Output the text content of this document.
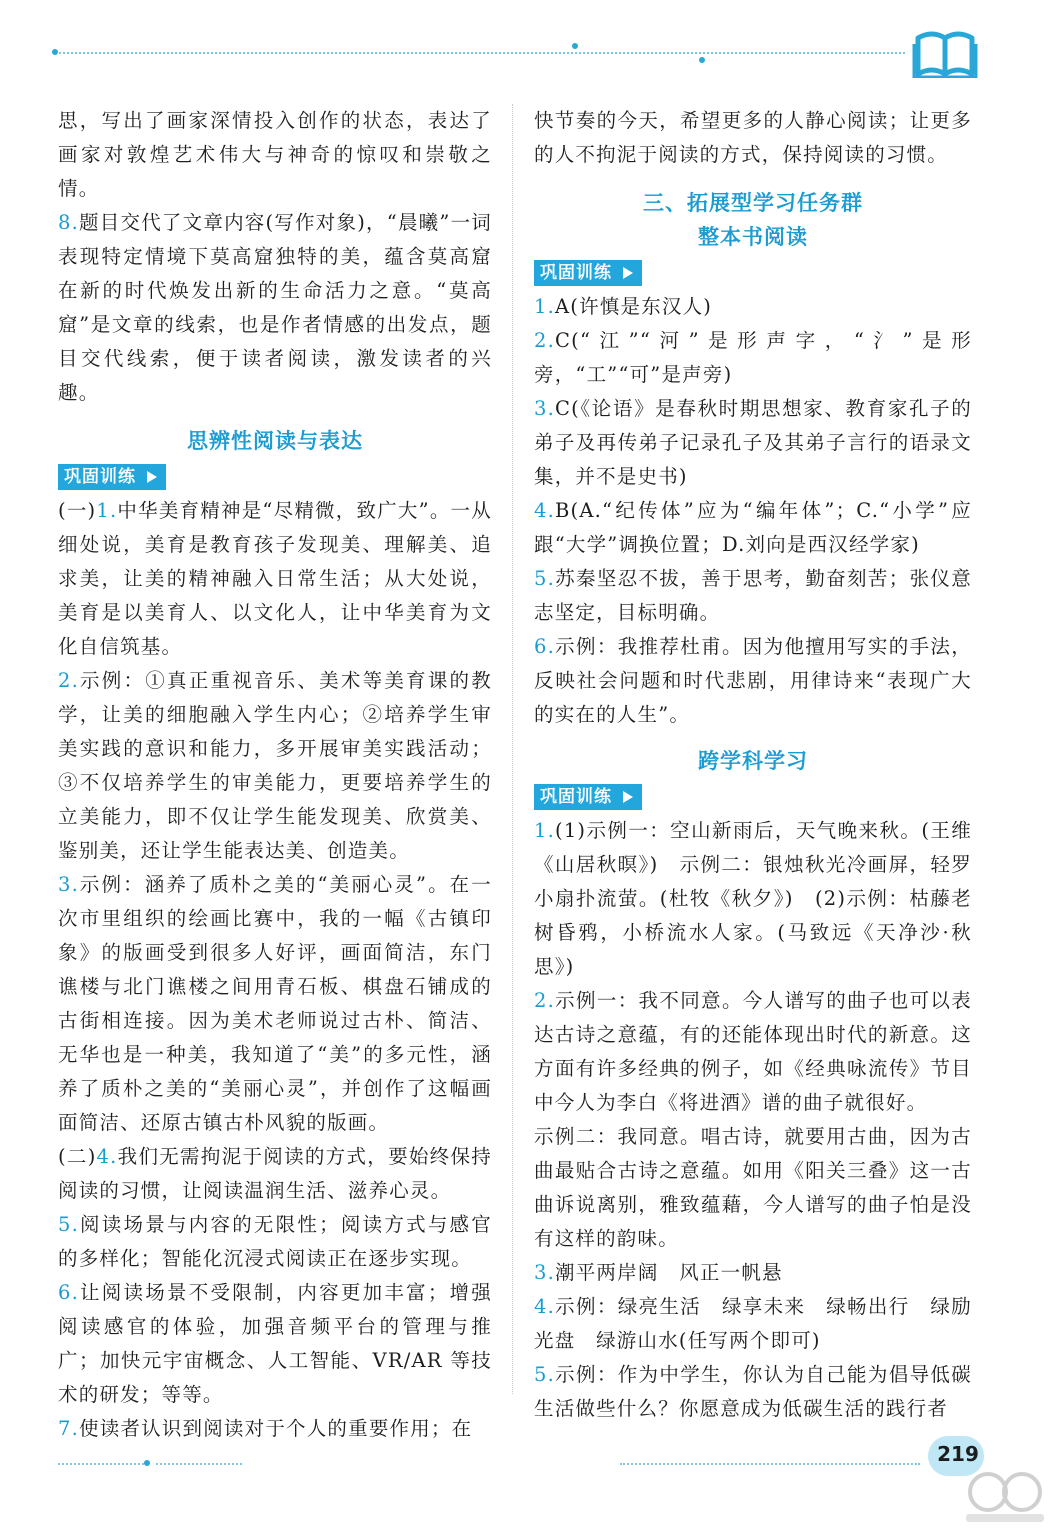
思，写出了画家深情投入创作的状态，表达了画家对敦煌艺术伟大与神奇的惊叹和崇敬之情。

8.题目交代了文章内容(写作对象)，“晨曦”一词表现特定情境下莫高窟独特的美，蕴含莫高窟在新的时代焕发出新的生命活力之意。“莫高窟”是文章的线索，也是作者情感的出发点，题目交代线索，便于读者阅读，激发读者的兴趣。

思辨性阅读与表达
巩固训练

(一)1.中华美育精神是“尽精微，致广大”。一从细处说，美育是教育孩子发现美、理解美、追求美，让美的精神融入日常生活；从大处说，美育是以美育人、以文化人，让中华美育为文化自信筑基。

2.示例：①真正重视音乐、美术等美育课的教学，让美的细胞融入学生内心；②培养学生审美实践的意识和能力，多开展审美实践活动；③不仅培养学生的审美能力，更要培养学生的立美能力，即不仅让学生能发现美、欣赏美、鉴别美，还让学生能表达美、创造美。

3.示例：涵养了质朴之美的“美丽心灵”。在一次市里组织的绘画比赛中，我的一幅《古镇印象》的版画受到很多人好评，画面简洁，东门谯楼与北门谯楼之间用青石板、棋盘石铺成的古街相连接。因为美术老师说过古朴、简洁、无华也是一种美，我知道了“美”的多元性，涵养了质朴之美的“美丽心灵”，并创作了这幅画面简洁、还原古镇古朴风貌的版画。

(二)4.我们无需拘泥于阅读的方式，要始终保持阅读的习惯，让阅读温润生活、滋养心灵。

5.阅读场景与内容的无限性；阅读方式与感官的多样化；智能化沉浸式阅读正在逐步实现。

6.让阅读场景不受限制，内容更加丰富；增强阅读感官的体验，加强音频平台的管理与推广；加快元宇宙概念、人工智能、VR/AR 等技术的研发；等等。

7.使读者认识到阅读对于个人的重要作用；在

快节奏的今天，希望更多的人静心阅读；让更多的人不拘泥于阅读的方式，保持阅读的习惯。

三、拓展型学习任务群
整本书阅读
巩固训练

1.A(许慎是东汉人)

2.C(“江”“河”是形声字，“氵”是形旁，“工”“可”是声旁)

3.C(《论语》是春秋时期思想家、教育家孔子的弟子及再传弟子记录孔子及其弟子言行的语录文集，并不是史书)

4.B(A.“纪传体”应为“编年体”；C.“小学”应跟“大学”调换位置；D.刘向是西汉经学家)

5.苏秦坚忍不拔，善于思考，勤奋刻苦；张仪意志坚定，目标明确。

6.示例：我推荐杜甫。因为他擅用写实的手法，反映社会问题和时代悲剧，用律诗来“表现广大的实在的人生”。

跨学科学习
巩固训练

1.(1)示例一：空山新雨后，天气晚来秋。(王维《山居秋暝》)　示例二：银烛秋光冷画屏，轻罗小扇扑流萤。(杜牧《秋夕》)　(2)示例：枯藤老树昏鸦，小桥流水人家。(马致远《天净沙·秋思》)

2.示例一：我不同意。今人谱写的曲子也可以表达古诗之意蕴，有的还能体现出时代的新意。这方面有许多经典的例子，如《经典咏流传》节目中今人为李白《将进酒》谱的曲子就很好。

示例二：我同意。唱古诗，就要用古曲，因为古曲最贴合古诗之意蕴。如用《阳关三叠》这一古曲诉说离别，雅致蕴藉，今人谱写的曲子怕是没有这样的韵味。

3.潮平两岸阔　风正一帆悬

4.示例：绿亮生活　绿享未来　绿畅出行　绿励光盘　绿游山水(任写两个即可)

5.示例：作为中学生，你认为自己能为倡导低碳生活做些什么？你愿意成为低碳生活的践行者

219
